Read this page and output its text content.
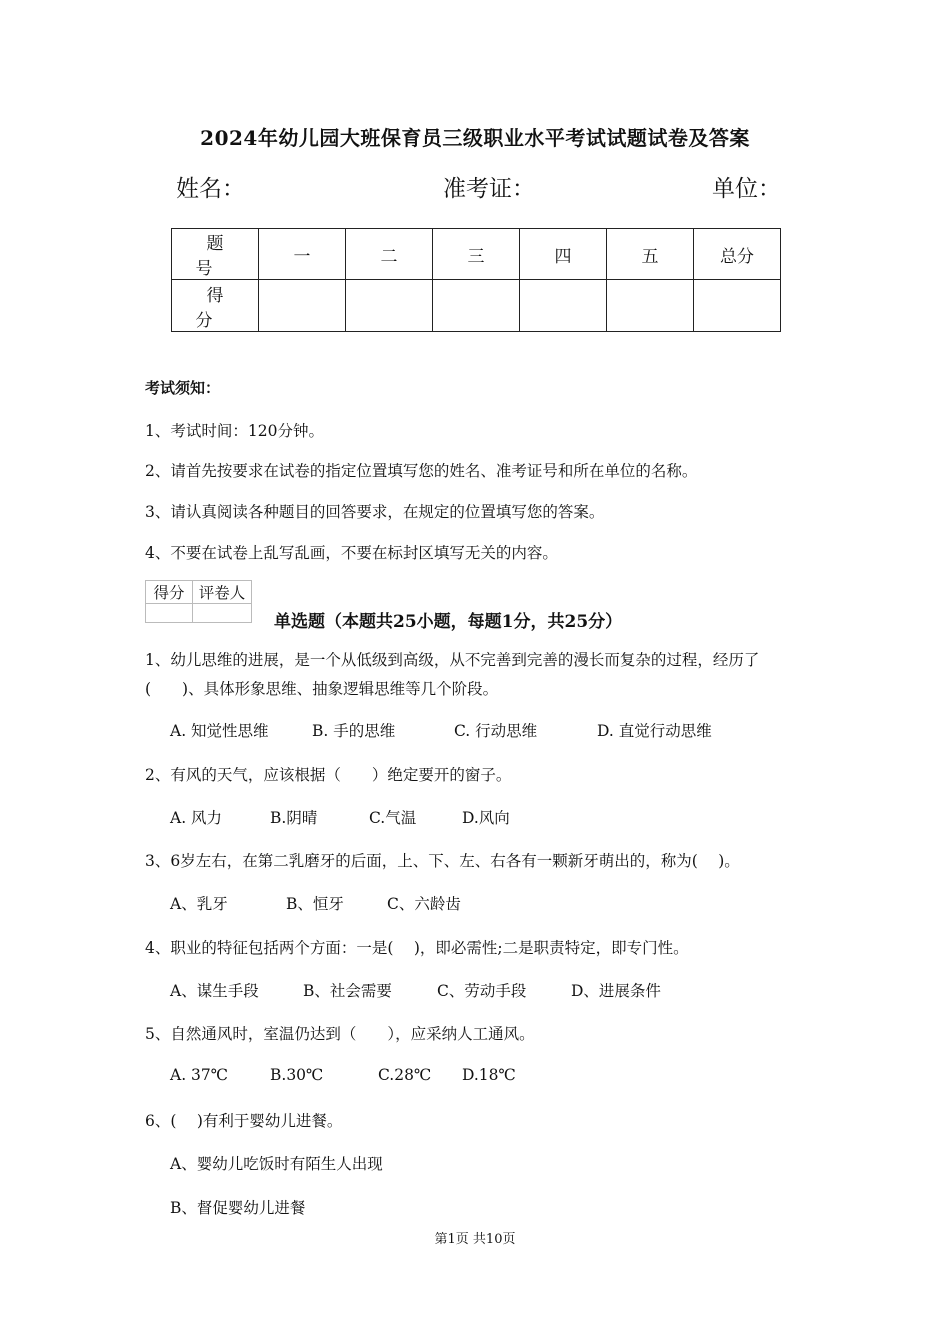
2024年幼儿园大班保育员三级职业水平考试试题试卷及答案
姓名：	准考证：	单位：
题号	一	二	三	四	五	总分
得分						
考试须知：
1、考试时间：120分钟。
2、请首先按要求在试卷的指定位置填写您的姓名、准考证号和所在单位的名称。
3、请认真阅读各种题目的回答要求，在规定的位置填写您的答案。
4、不要在试卷上乱写乱画，不要在标封区填写无关的内容。
得分	评卷人

单选题（本题共25小题，每题1分，共25分）
1、幼儿思维的进展，是一个从低级到高级，从不完善到完善的漫长而复杂的过程，经历了
(　　)、具体形象思维、抽象逻辑思维等几个阶段。
A. 知觉性思维	B. 手的思维	C. 行动思维	D. 直觉行动思维
2、有风的天气，应该根据（　　）绝定要开的窗子。
A. 风力	B.阴晴	C.气温	D.风向
3、6岁左右，在第二乳磨牙的后面，上、下、左、右各有一颗新牙萌出的，称为(　 )。
A、乳牙	B、恒牙	C、六龄齿
4、职业的特征包括两个方面：一是(　 )，即必需性;二是职责特定，即专门性。
A、谋生手段	B、社会需要	C、劳动手段	D、进展条件
5、自然通风时，室温仍达到（　　），应采纳人工通风。
A. 37℃	B.30℃	C.28℃ D.18℃
6、(　 )有利于婴幼儿进餐。
A、婴幼儿吃饭时有陌生人出现
B、督促婴幼儿进餐
第1页 共10页
